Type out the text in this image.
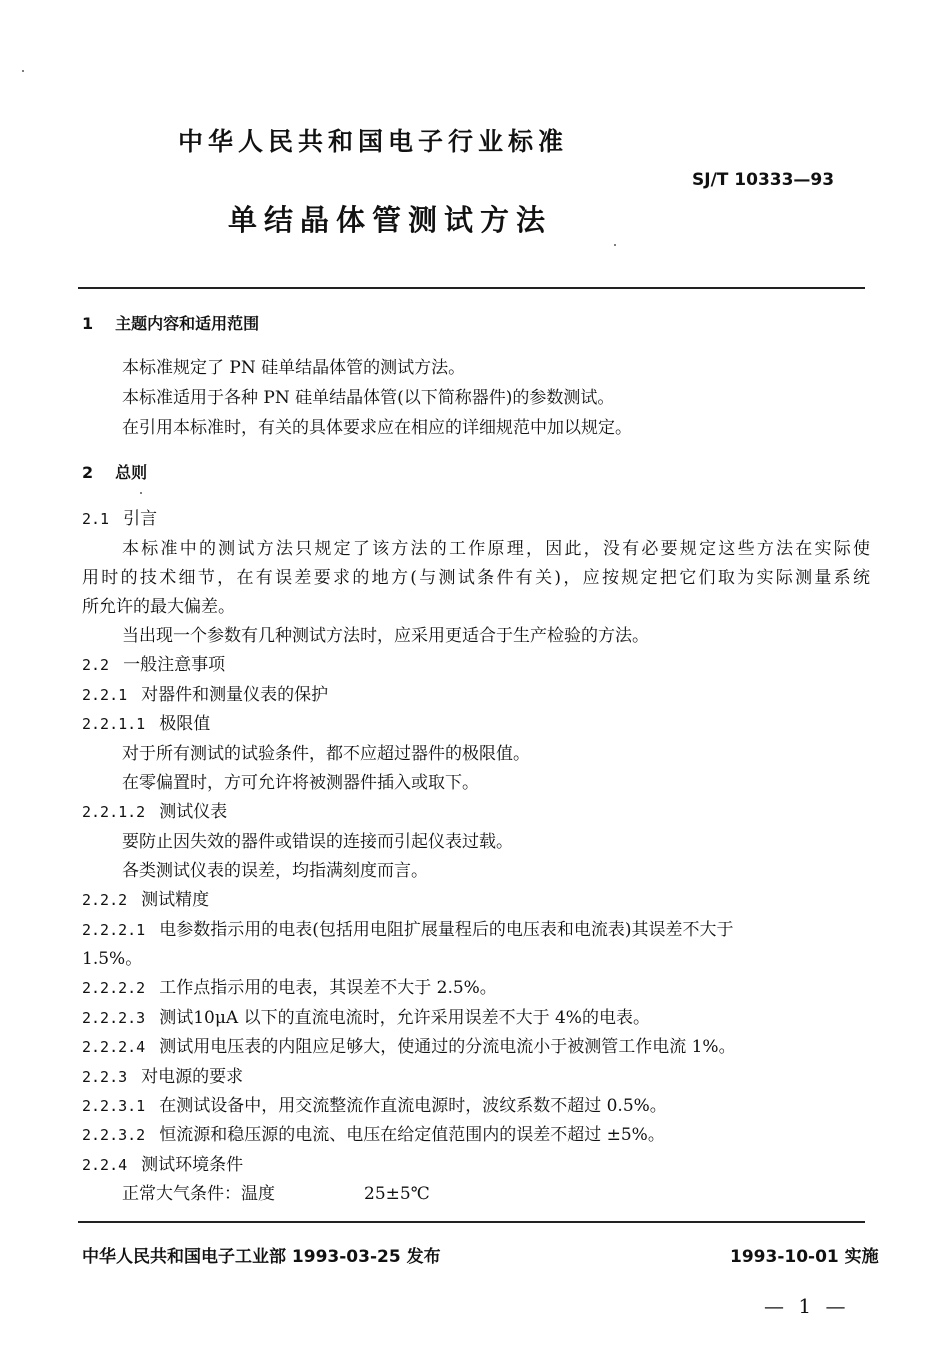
中华人民共和国电子行业标准
SJ/T 10333—93
单结晶体管测试方法
1 主题内容和适用范围
本标准规定了 PN 硅单结晶体管的测试方法。
本标准适用于各种 PN 硅单结晶体管(以下简称器件)的参数测试。
在引用本标准时，有关的具体要求应在相应的详细规范中加以规定。
2 总则
2.1 引言
本标准中的测试方法只规定了该方法的工作原理，因此，没有必要规定这些方法在实际使
用时的技术细节，在有误差要求的地方(与测试条件有关)，应按规定把它们取为实际测量系统
所允许的最大偏差。
当出现一个参数有几种测试方法时，应采用更适合于生产检验的方法。
2.2 一般注意事项
2.2.1 对器件和测量仪表的保护
2.2.1.1 极限值
对于所有测试的试验条件，都不应超过器件的极限值。
在零偏置时，方可允许将被测器件插入或取下。
2.2.1.2 测试仪表
要防止因失效的器件或错误的连接而引起仪表过载。
各类测试仪表的误差，均指满刻度而言。
2.2.2 测试精度
2.2.2.1 电参数指示用的电表(包括用电阻扩展量程后的电压表和电流表)其误差不大于
1.5%。
2.2.2.2 工作点指示用的电表，其误差不大于 2.5%。
2.2.2.3 测试10μA 以下的直流电流时，允许采用误差不大于 4%的电表。
2.2.2.4 测试用电压表的内阻应足够大，使通过的分流电流小于被测管工作电流 1%。
2.2.3 对电源的要求
2.2.3.1 在测试设备中，用交流整流作直流电源时，波纹系数不超过 0.5%。
2.2.3.2 恒流源和稳压源的电流、电压在给定值范围内的误差不超过 ±5%。
2.2.4 测试环境条件
正常大气条件：温度	25±5℃
中华人民共和国电子工业部 1993-03-25 发布	1993-10-01 实施
— 1 —
